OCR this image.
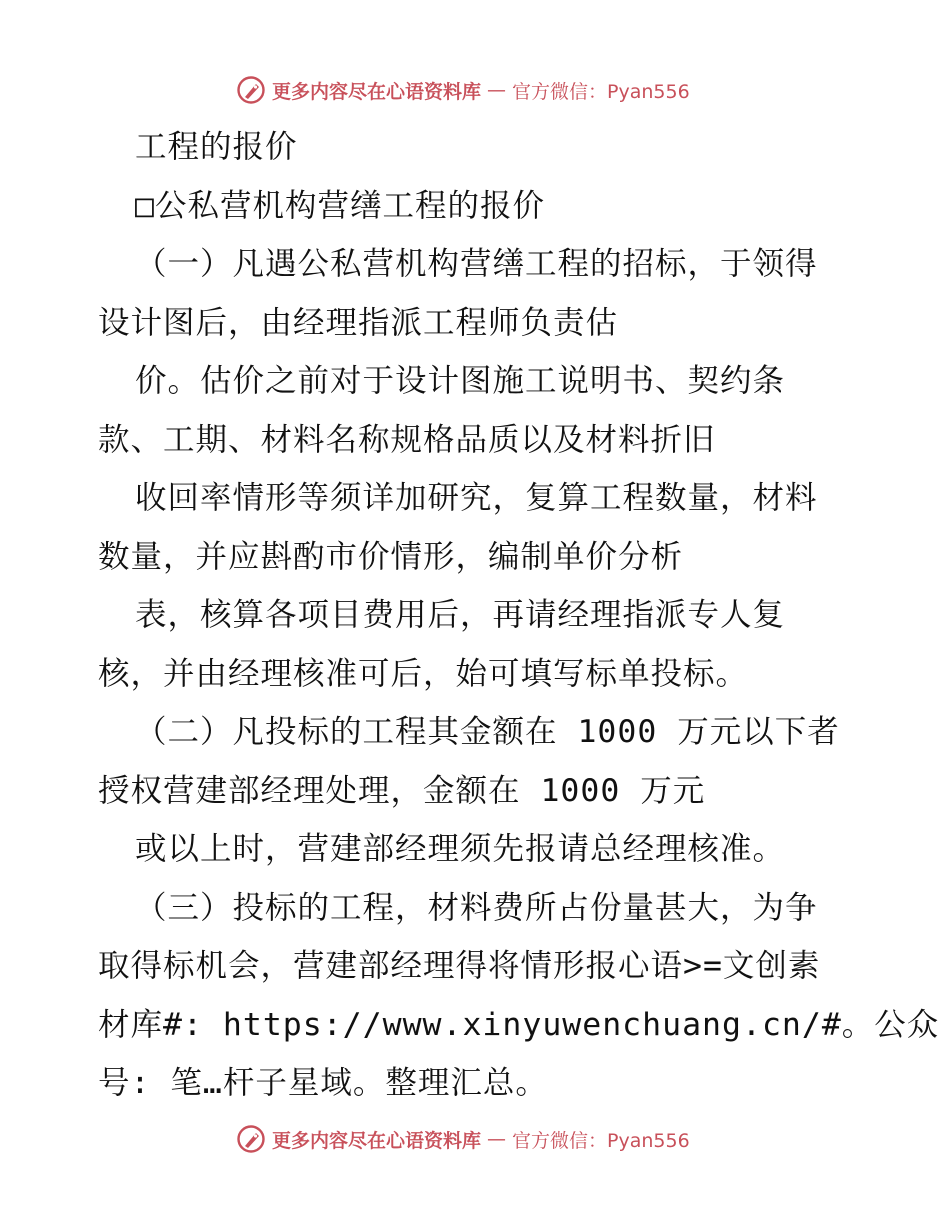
更多内容尽在心语资料库 — 官方微信：Pyan556
工程的报价
□公私营机构营缮工程的报价
（一）凡遇公私营机构营缮工程的招标，于领得
设计图后，由经理指派工程师负责估
价。估价之前对于设计图施工说明书、契约条
款、工期、材料名称规格品质以及材料折旧
收回率情形等须详加研究，复算工程数量，材料
数量，并应斟酌市价情形，编制单价分析
表，核算各项目费用后，再请经理指派专人复
核，并由经理核准可后，始可填写标单投标。
（二）凡投标的工程其金额在 1000 万元以下者
授权营建部经理处理，金额在 1000 万元
或以上时，营建部经理须先报请总经理核准。
（三）投标的工程，材料费所占份量甚大，为争
取得标机会，营建部经理得将情形报心语>=文创素
材库#: https://www.xinyuwenchuang.cn/#。公众
号: 笔…杆子星域。整理汇总。
更多内容尽在心语资料库 — 官方微信：Pyan556
